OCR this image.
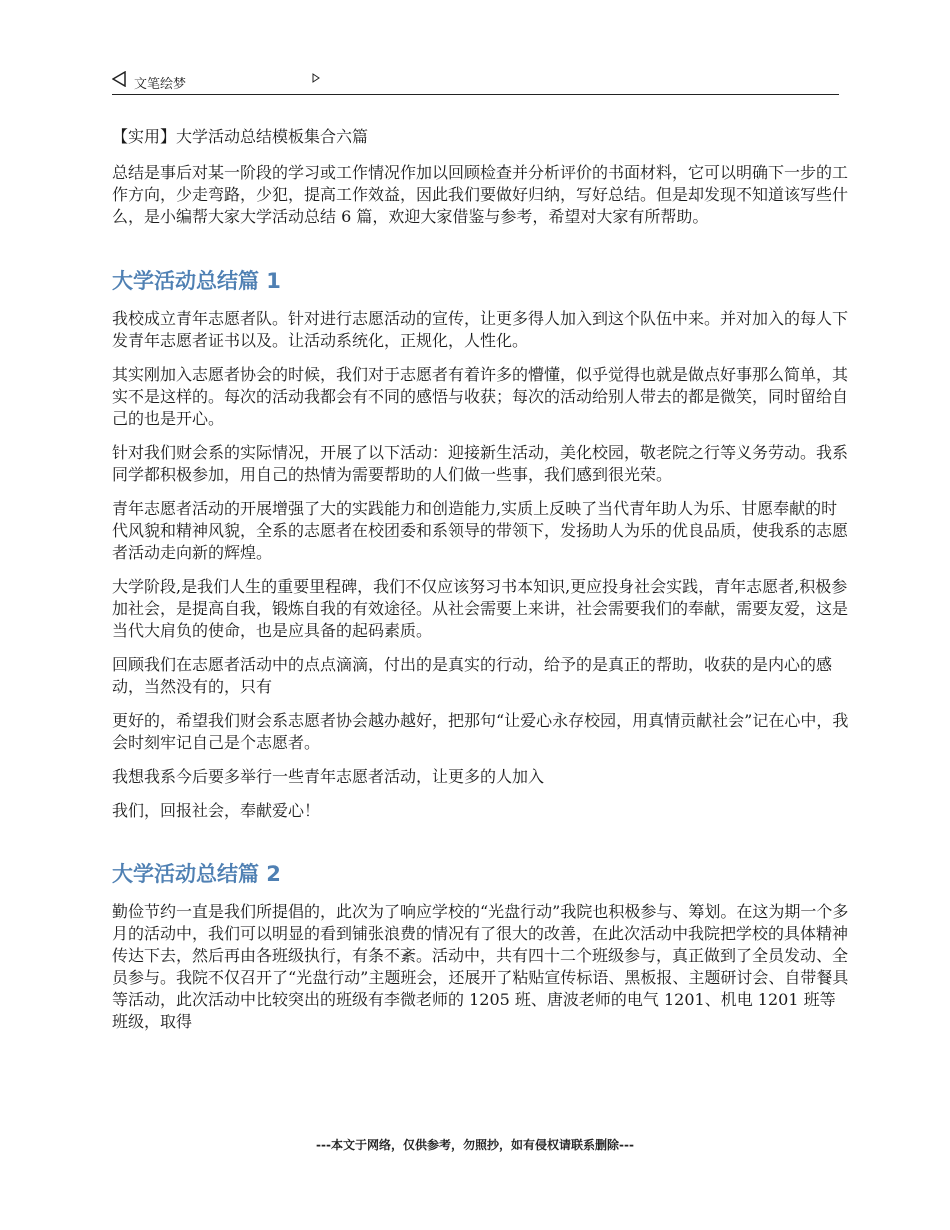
文笔绘梦

【实用】大学活动总结模板集合六篇

总结是事后对某一阶段的学习或工作情况作加以回顾检查并分析评价的书面材料，它可以明确下一步的工作方向，少走弯路，少犯，提高工作效益，因此我们要做好归纳，写好总结。但是却发现不知道该写些什么，是小编帮大家大学活动总结 6 篇，欢迎大家借鉴与参考，希望对大家有所帮助。

大学活动总结篇 1

我校成立青年志愿者队。针对进行志愿活动的宣传，让更多得人加入到这个队伍中来。并对加入的每人下发青年志愿者证书以及。让活动系统化，正规化，人性化。

其实刚加入志愿者协会的时候，我们对于志愿者有着许多的懵懂，似乎觉得也就是做点好事那么简单，其实不是这样的。每次的活动我都会有不同的感悟与收获；每次的活动给别人带去的都是微笑，同时留给自己的也是开心。

针对我们财会系的实际情况，开展了以下活动：迎接新生活动，美化校园，敬老院之行等义务劳动。我系同学都积极参加，用自己的热情为需要帮助的人们做一些事，我们感到很光荣。

青年志愿者活动的开展增强了大的实践能力和创造能力,实质上反映了当代青年助人为乐、甘愿奉献的时代风貌和精神风貌，全系的志愿者在校团委和系领导的带领下，发扬助人为乐的优良品质，使我系的志愿者活动走向新的辉煌。

大学阶段,是我们人生的重要里程碑，我们不仅应该努习书本知识,更应投身社会实践，青年志愿者,积极参加社会，是提高自我，锻炼自我的有效途径。从社会需要上来讲，社会需要我们的奉献，需要友爱，这是当代大肩负的使命，也是应具备的起码素质。

回顾我们在志愿者活动中的点点滴滴，付出的是真实的行动，给予的是真正的帮助，收获的是内心的感动，当然没有的，只有

更好的，希望我们财会系志愿者协会越办越好，把那句“让爱心永存校园，用真情贡献社会”记在心中，我会时刻牢记自己是个志愿者。

我想我系今后要多举行一些青年志愿者活动，让更多的人加入

我们，回报社会，奉献爱心！

大学活动总结篇 2

勤俭节约一直是我们所提倡的，此次为了响应学校的“光盘行动”我院也积极参与、筹划。在这为期一个多月的活动中，我们可以明显的看到铺张浪费的情况有了很大的改善，在此次活动中我院把学校的具体精神传达下去，然后再由各班级执行，有条不紊。活动中，共有四十二个班级参与，真正做到了全员发动、全员参与。我院不仅召开了“光盘行动”主题班会，还展开了粘贴宣传标语、黑板报、主题研讨会、自带餐具等活动，此次活动中比较突出的班级有李微老师的 1205 班、唐波老师的电气 1201、机电 1201 班等班级，取得

---本文于网络，仅供参考，勿照抄，如有侵权请联系删除---
